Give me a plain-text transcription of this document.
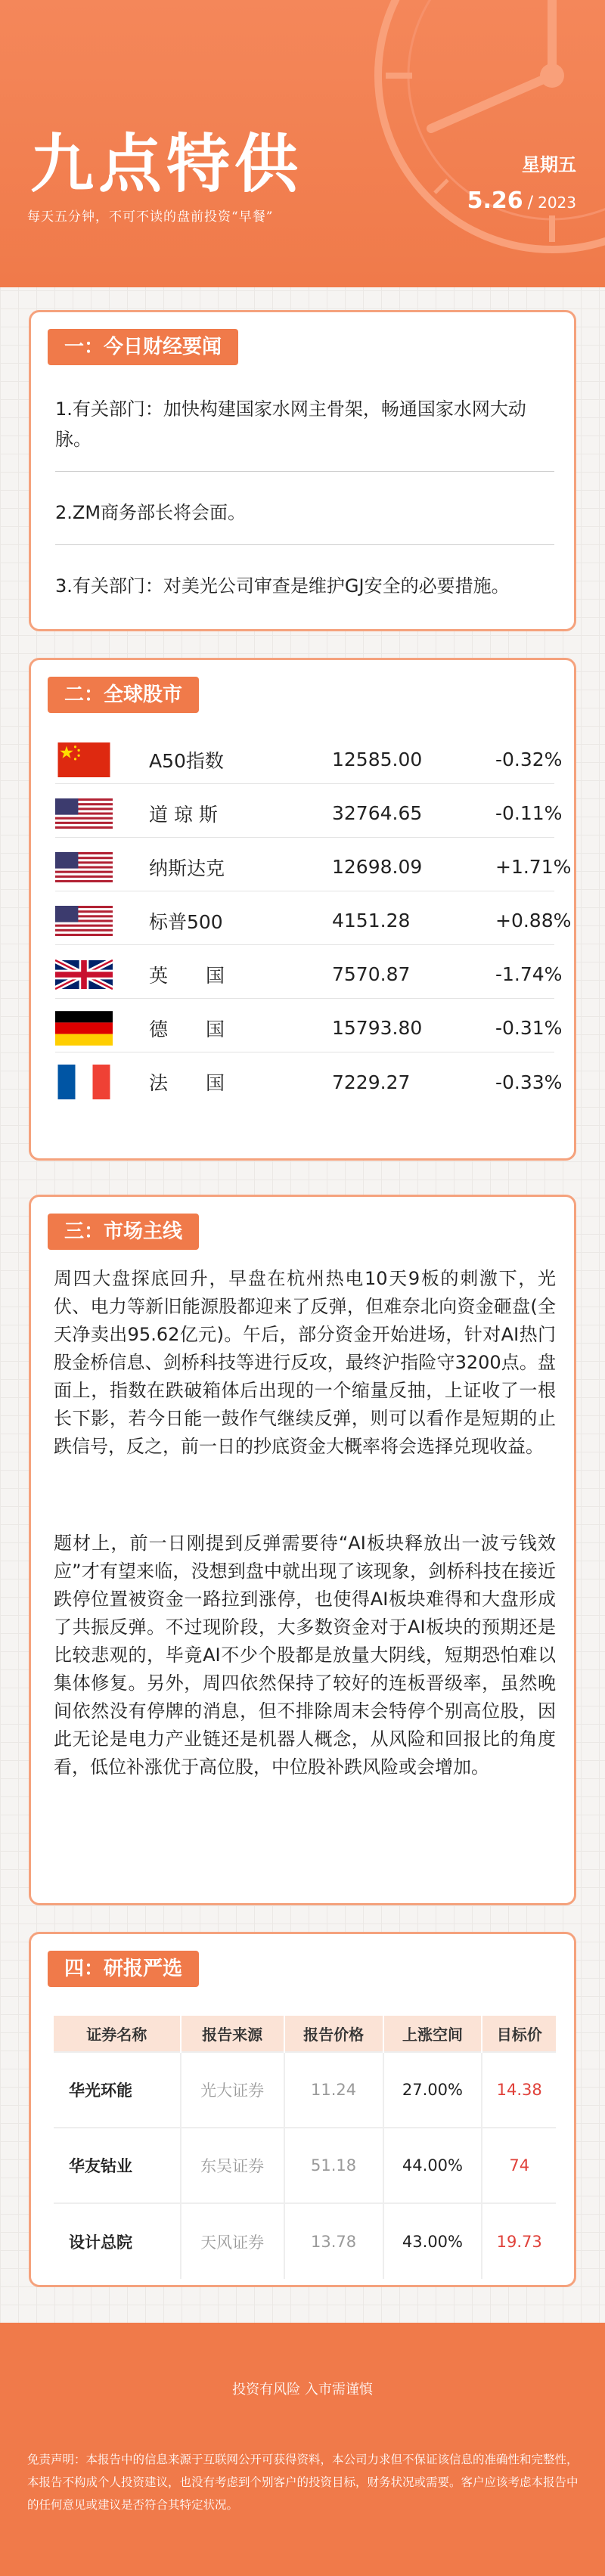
九点特供
每天五分钟，不可不读的盘前投资“早餐”
星期五
5.26 / 2023
一：今日财经要闻
1.有关部门：加快构建国家水网主骨架，畅通国家水网大动脉。
2.ZM商务部长将会面。
3.有关部门：对美光公司审查是维护GJ安全的必要措施。
二：全球股市
A50指数	12585.00	-0.32%
道 琼 斯	32764.65	-0.11%
纳斯达克	12698.09	+1.71%
标普500	4151.28	+0.88%
英　　国	7570.87	-1.74%
德　　国	15793.80	-0.31%
法　　国	7229.27	-0.33%
三：市场主线
周四大盘探底回升，早盘在杭州热电10天9板的刺激下，光伏、电力等新旧能源股都迎来了反弹，但难奈北向资金砸盘(全天净卖出95.62亿元)。午后，部分资金开始进场，针对AI热门股金桥信息、剑桥科技等进行反攻，最终沪指险守3200点。盘面上，指数在跌破箱体后出现的一个缩量反抽，上证收了一根长下影，若今日能一鼓作气继续反弹，则可以看作是短期的止跌信号，反之，前一日的抄底资金大概率将会选择兑现收益。
题材上，前一日刚提到反弹需要待“AI板块释放出一波亏钱效应”才有望来临，没想到盘中就出现了该现象，剑桥科技在接近跌停位置被资金一路拉到涨停，也使得AI板块难得和大盘形成了共振反弹。不过现阶段，大多数资金对于AI板块的预期还是比较悲观的，毕竟AI不少个股都是放量大阴线，短期恐怕难以集体修复。另外，周四依然保持了较好的连板晋级率，虽然晚间依然没有停牌的消息，但不排除周末会特停个别高位股，因此无论是电力产业链还是机器人概念，从风险和回报比的角度看，低位补涨优于高位股，中位股补跌风险或会增加。
四：研报严选
证券名称	报告来源	报告价格	上涨空间	目标价
华光环能	光大证券	11.24	27.00%	14.38
华友钴业	东吴证券	51.18	44.00%	74
设计总院	天风证券	13.78	43.00%	19.73
投资有风险 入市需谨慎
免责声明：本报告中的信息来源于互联网公开可获得资料，本公司力求但不保证该信息的准确性和完整性，本报告不构成个人投资建议，也没有考虑到个别客户的投资目标，财务状况或需要。客户应该考虑本报告中的任何意见或建议是否符合其特定状况。
